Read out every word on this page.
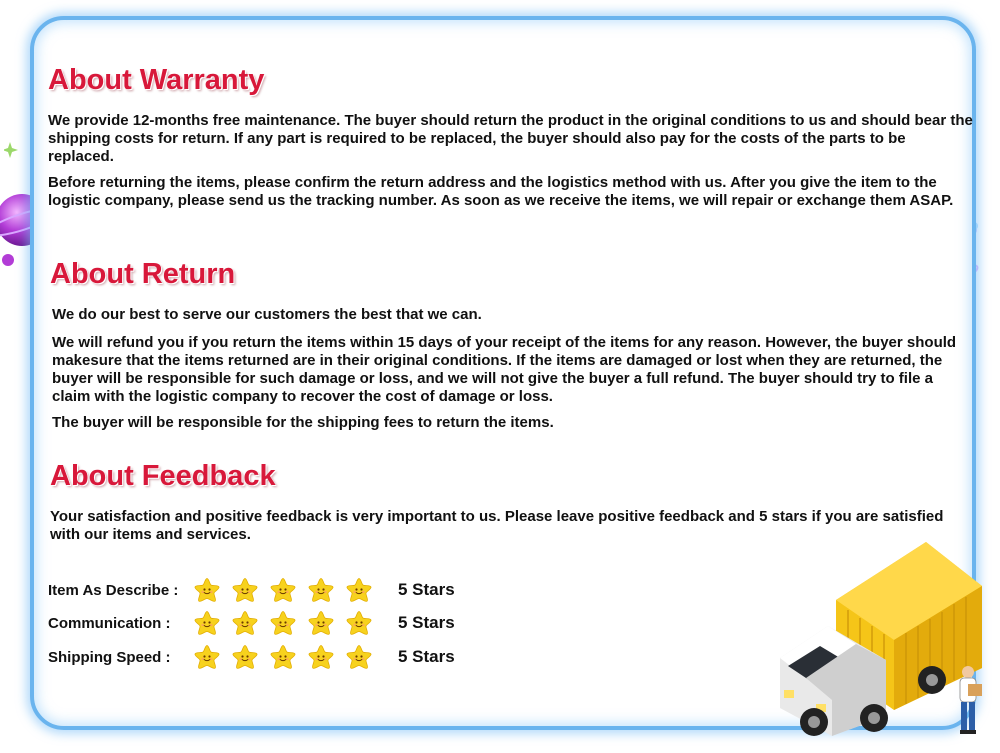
About Warranty

We provide 12-months free maintenance. The buyer should return the product in the original conditions to us and should bear the shipping costs for return. If any part is required to be replaced, the buyer should also pay for the costs of the parts to be replaced.

Before returning the items, please confirm the return address and the logistics method with us. After you give the item to the logistic company, please send us the tracking number. As soon as we receive the items, we will repair or exchange them ASAP.

About Return

We do our best to serve our customers the best that we can.

We will refund you if you return the items within 15 days of your receipt of the items for any reason. However, the buyer should makesure that the items returned are in their original conditions. If the items are damaged or lost when they are returned, the buyer will be responsible for such damage or loss, and we will not give the buyer a full refund. The buyer should try to file a claim with the logistic company to recover the cost of damage or loss.

The buyer will be responsible for the shipping fees to return the items.

About Feedback

Your satisfaction and positive feedback is very important to us. Please leave positive feedback and 5 stars if you are satisfied with our items and services.

Item As Describe :	5 Stars
Communication :	5 Stars
Shipping Speed :	5 Stars
